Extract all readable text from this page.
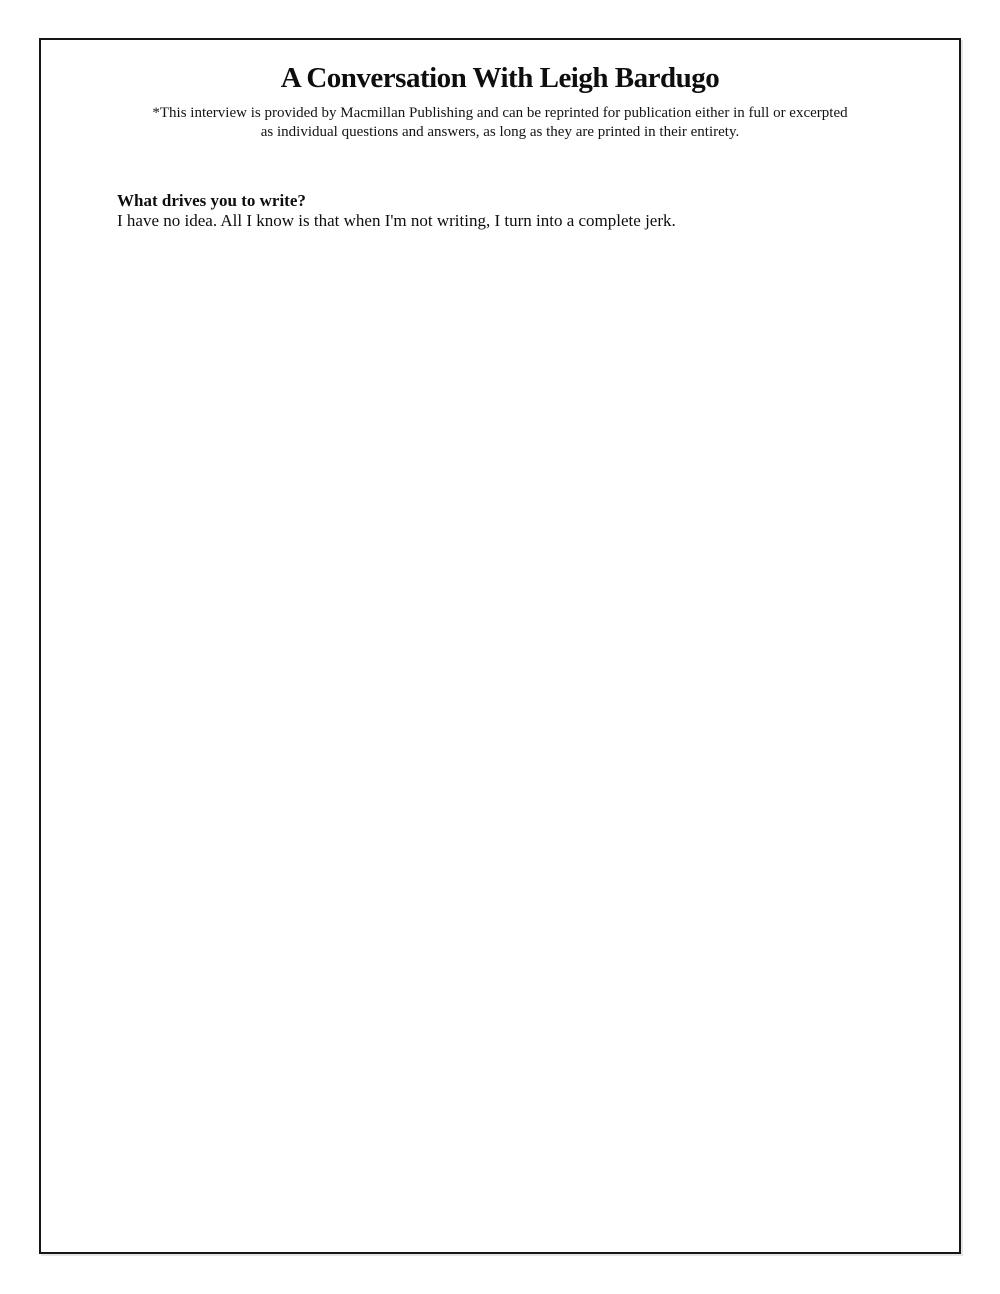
A Conversation With Leigh Bardugo
*This interview is provided by Macmillan Publishing and can be reprinted for publication either in full or excerpted
as individual questions and answers, as long as they are printed in their entirety.
What drives you to write?
I have no idea. All I know is that when I'm not writing, I turn into a complete jerk.
